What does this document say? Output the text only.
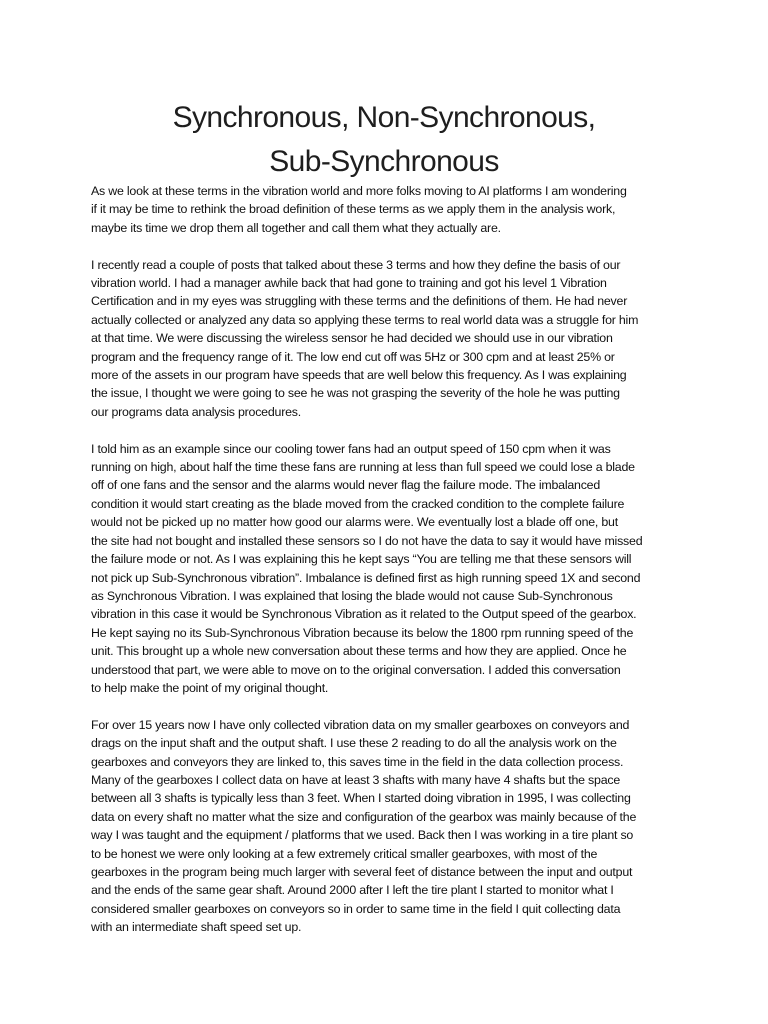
Synchronous, Non-Synchronous,
Sub-Synchronous

As we look at these terms in the vibration world and more folks moving to AI platforms I am wondering
if it may be time to rethink the broad definition of these terms as we apply them in the analysis work,
maybe its time we drop them all together and call them what they actually are.

I recently read a couple of posts that talked about these 3 terms and how they define the basis of our
vibration world. I had a manager awhile back that had gone to training and got his level 1 Vibration
Certification and in my eyes was struggling with these terms and the definitions of them. He had never
actually collected or analyzed any data so applying these terms to real world data was a struggle for him
at that time. We were discussing the wireless sensor he had decided we should use in our vibration
program and the frequency range of it. The low end cut off was 5Hz or 300 cpm and at least 25% or
more of the assets in our program have speeds that are well below this frequency. As I was explaining
the issue, I thought we were going to see he was not grasping the severity of the hole he was putting
our programs data analysis procedures.

I told him as an example since our cooling tower fans had an output speed of 150 cpm when it was
running on high, about half the time these fans are running at less than full speed we could lose a blade
off of one fans and the sensor and the alarms would never flag the failure mode. The imbalanced
condition it would start creating as the blade moved from the cracked condition to the complete failure
would not be picked up no matter how good our alarms were. We eventually lost a blade off one, but
the site had not bought and installed these sensors so I do not have the data to say it would have missed
the failure mode or not. As I was explaining this he kept says “You are telling me that these sensors will
not pick up Sub-Synchronous vibration”. Imbalance is defined first as high running speed 1X and second
as Synchronous Vibration. I was explained that losing the blade would not cause Sub-Synchronous
vibration in this case it would be Synchronous Vibration as it related to the Output speed of the gearbox.
He kept saying no its Sub-Synchronous Vibration because its below the 1800 rpm running speed of the
unit. This brought up a whole new conversation about these terms and how they are applied. Once he
understood that part, we were able to move on to the original conversation. I added this conversation
to help make the point of my original thought.

For over 15 years now I have only collected vibration data on my smaller gearboxes on conveyors and
drags on the input shaft and the output shaft. I use these 2 reading to do all the analysis work on the
gearboxes and conveyors they are linked to, this saves time in the field in the data collection process.
Many of the gearboxes I collect data on have at least 3 shafts with many have 4 shafts but the space
between all 3 shafts is typically less than 3 feet. When I started doing vibration in 1995, I was collecting
data on every shaft no matter what the size and configuration of the gearbox was mainly because of the
way I was taught and the equipment / platforms that we used. Back then I was working in a tire plant so
to be honest we were only looking at a few extremely critical smaller gearboxes, with most of the
gearboxes in the program being much larger with several feet of distance between the input and output
and the ends of the same gear shaft. Around 2000 after I left the tire plant I started to monitor what I
considered smaller gearboxes on conveyors so in order to same time in the field I quit collecting data
with an intermediate shaft speed set up.
